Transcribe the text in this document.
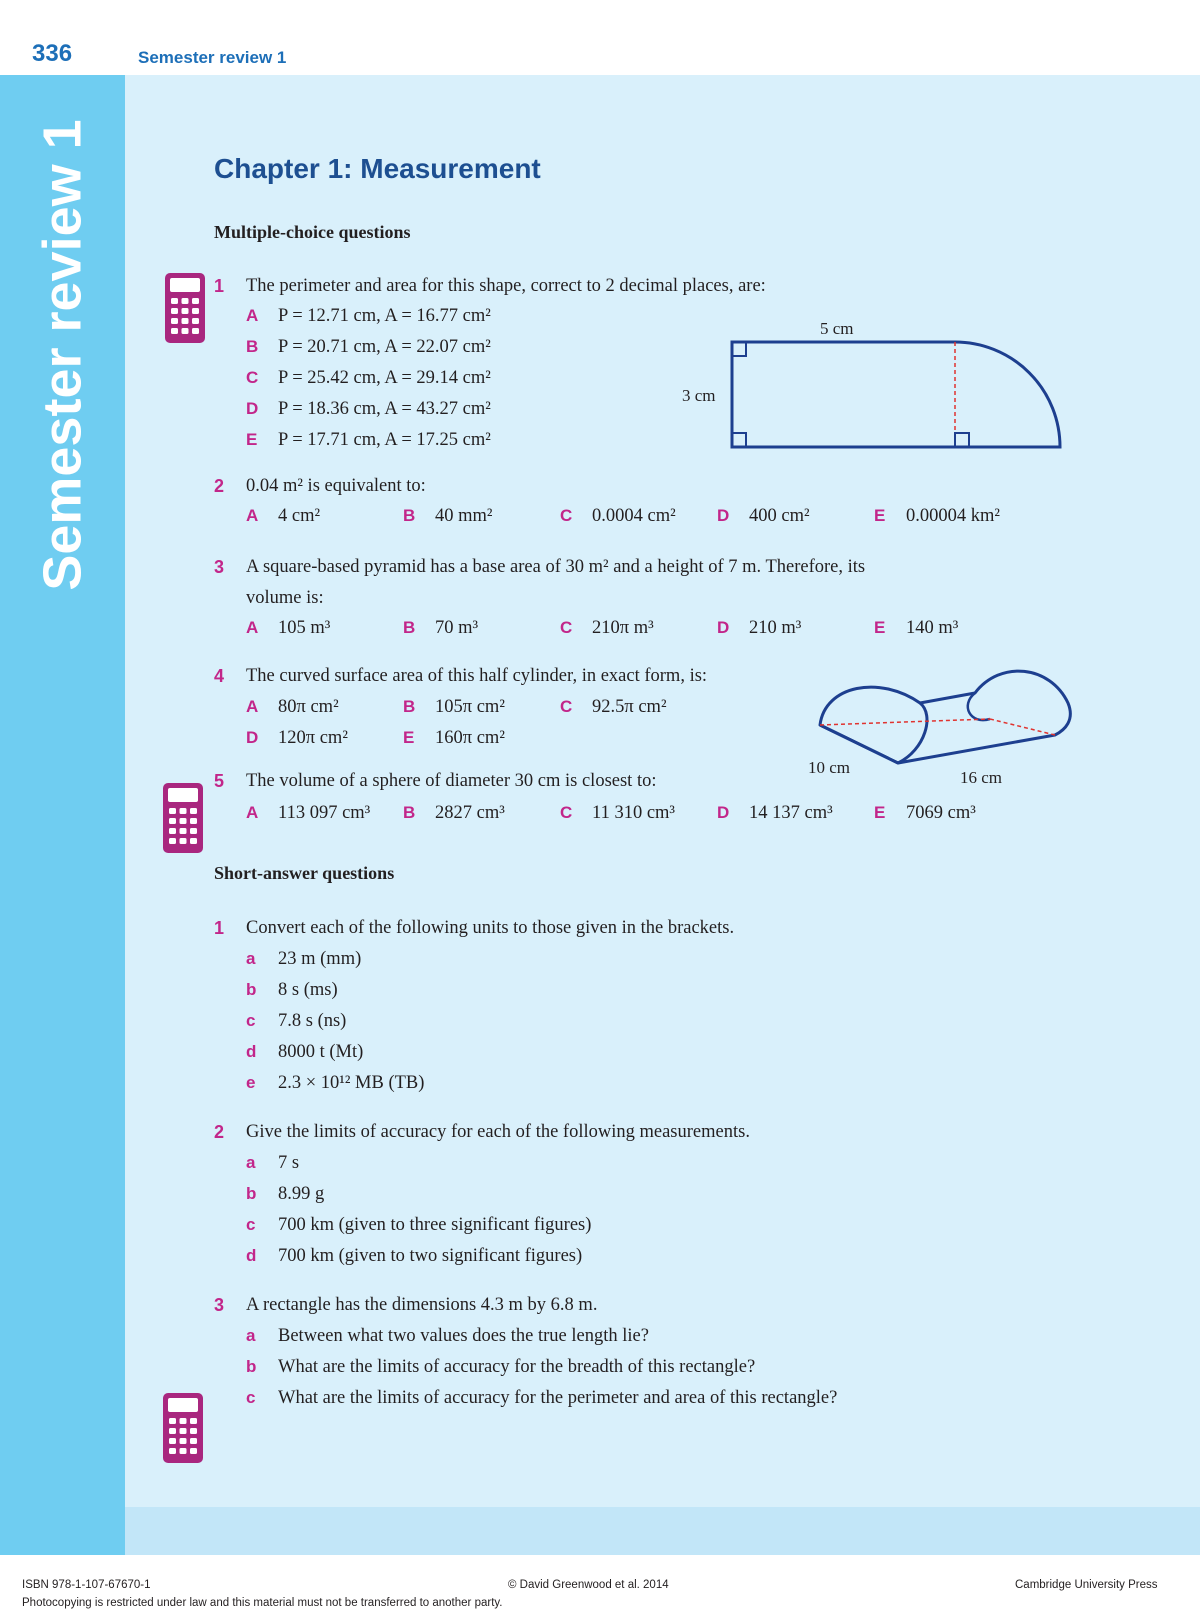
336	Semester review 1
Semester review 1	Chapter 1: Measurement
Multiple-choice questions
1 The perimeter and area for this shape, correct to 2 decimal places, are:
A P = 12.71 cm, A = 16.77 cm²
B P = 20.71 cm, A = 22.07 cm²
C P = 25.42 cm, A = 29.14 cm²
D P = 18.36 cm, A = 43.27 cm²
E P = 17.71 cm, A = 17.25 cm²
5 cm
3 cm
2 0.04 m² is equivalent to:
A 4 cm²	B 40 mm²	C 0.0004 cm² D 400 cm²	E 0.00004 km²
3 A square-based pyramid has a base area of 30 m² and a height of 7 m. Therefore, its
volume is:
A 105 m³	B 70 m³	C 210π m³	D 210 m³	E 140 m³
4 The curved surface area of this half cylinder, in exact form, is:
A 80π cm²	B 105π cm²	C 92.5π cm²
D 120π cm²	E 160π cm²
10 cm
16 cm
5 The volume of a sphere of diameter 30 cm is closest to:
A 113 097 cm³ B 2827 cm³	C 11 310 cm³ D 14 137 cm³ E 7069 cm³
Short-answer questions
1 Convert each of the following units to those given in the brackets.
a 23 m (mm)
b 8 s (ms)
c 7.8 s (ns)
d 8000 t (Mt)
e 2.3 × 10¹² MB (TB)
2 Give the limits of accuracy for each of the following measurements.
a 7 s
b 8.99 g
c 700 km (given to three significant figures)
d 700 km (given to two significant figures)
3 A rectangle has the dimensions 4.3 m by 6.8 m.
a Between what two values does the true length lie?
b What are the limits of accuracy for the breadth of this rectangle?
c What are the limits of accuracy for the perimeter and area of this rectangle?
ISBN 978-1-107-67670-1	© David Greenwood et al. 2014	Cambridge University Press
Photocopying is restricted under law and this material must not be transferred to another party.
